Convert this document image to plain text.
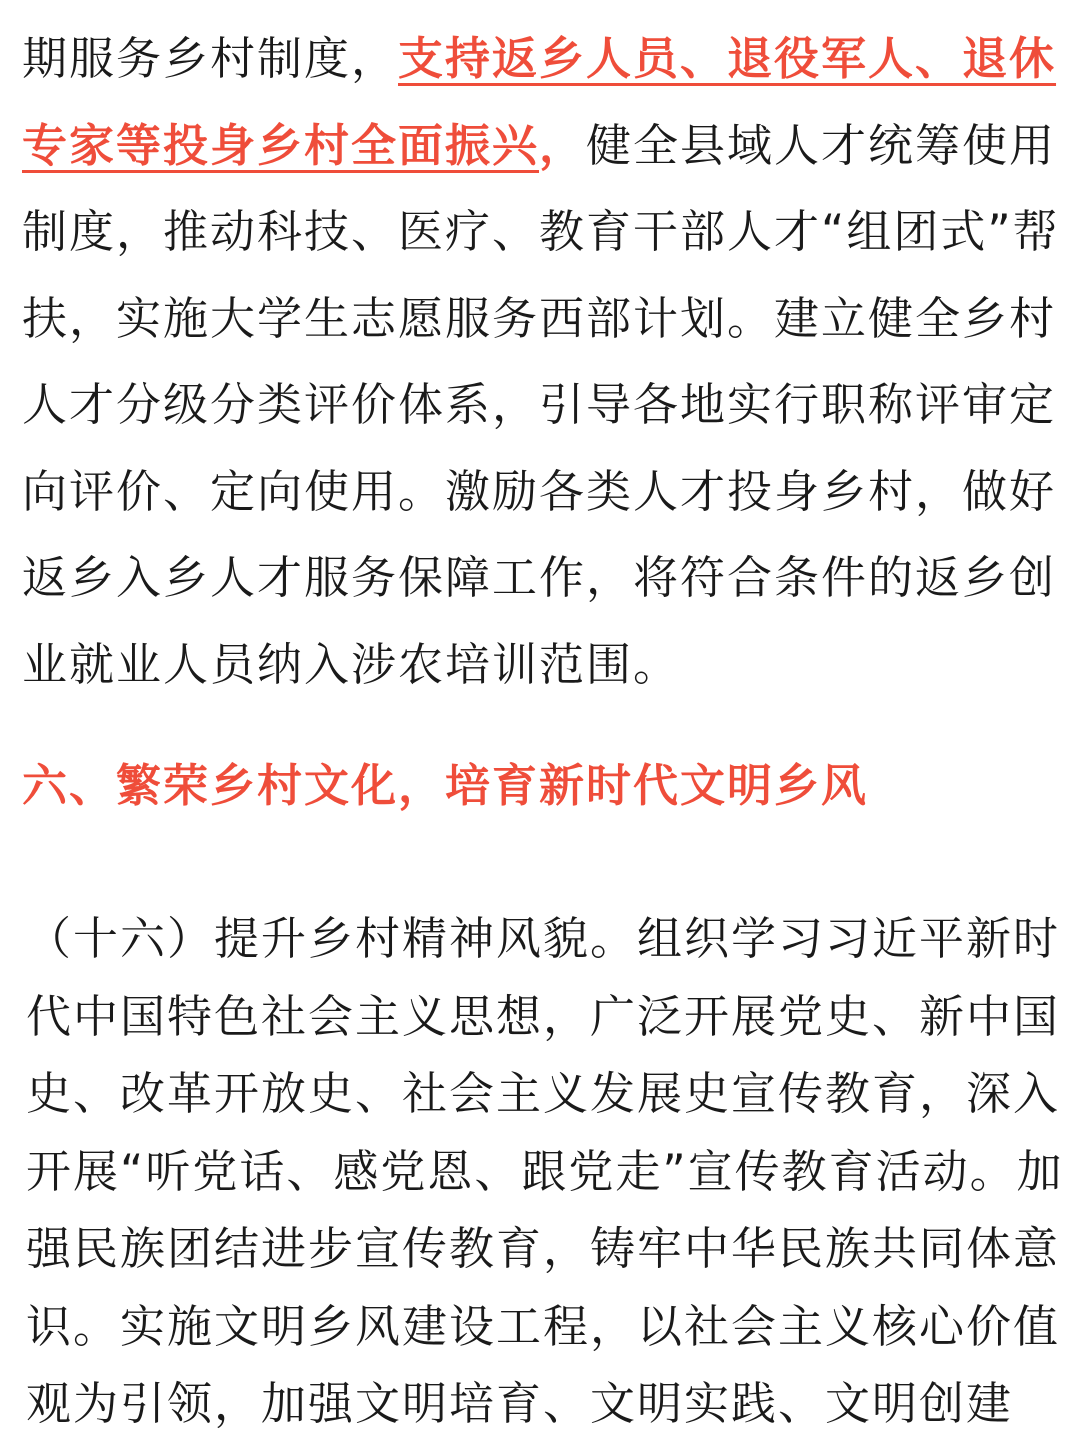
期服务乡村制度，支持返乡人员、退役军人、退休专家等投身乡村全面振兴，健全县域人才统筹使用制度，推动科技、医疗、教育干部人才“组团式”帮扶，实施大学生志愿服务西部计划。建立健全乡村人才分级分类评价体系，引导各地实行职称评审定向评价、定向使用。激励各类人才投身乡村，做好返乡入乡人才服务保障工作，将符合条件的返乡创业就业人员纳入涉农培训范围。

六、繁荣乡村文化，培育新时代文明乡风

（十六）提升乡村精神风貌。组织学习习近平新时代中国特色社会主义思想，广泛开展党史、新中国史、改革开放史、社会主义发展史宣传教育，深入开展“听党话、感党恩、跟党走”宣传教育活动。加强民族团结进步宣传教育，铸牢中华民族共同体意识。实施文明乡风建设工程，以社会主义核心价值观为引领，加强文明培育、文明实践、文明创建
